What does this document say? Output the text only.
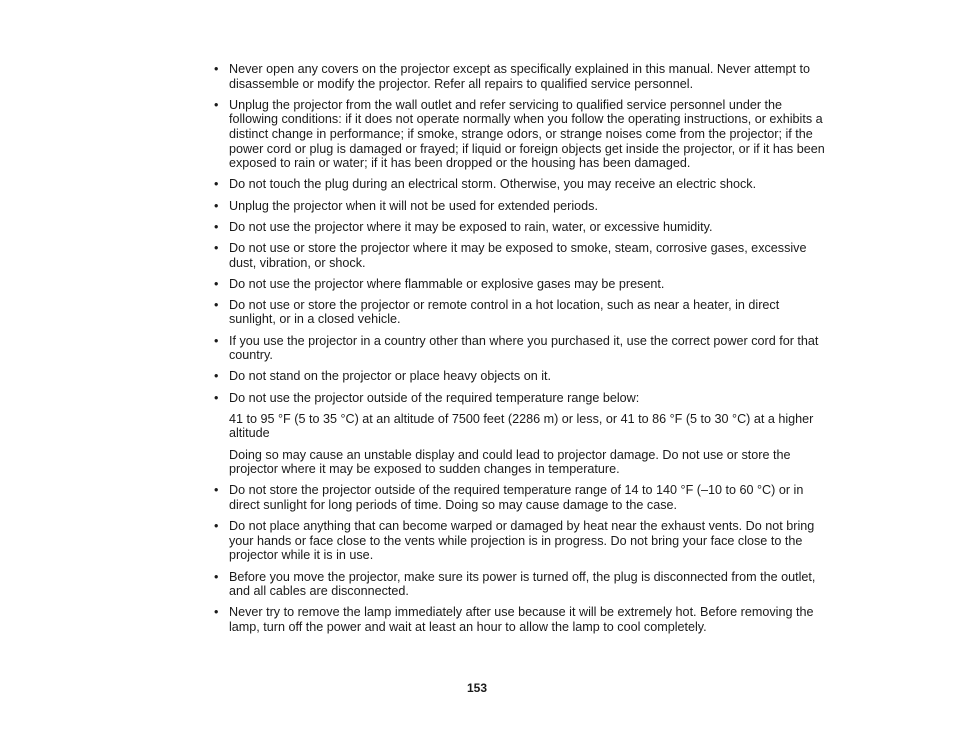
• Never open any covers on the projector except as specifically explained in this manual. Never attempt to disassemble or modify the projector. Refer all repairs to qualified service personnel.
• Unplug the projector from the wall outlet and refer servicing to qualified service personnel under the following conditions: if it does not operate normally when you follow the operating instructions, or exhibits a distinct change in performance; if smoke, strange odors, or strange noises come from the projector; if the power cord or plug is damaged or frayed; if liquid or foreign objects get inside the projector, or if it has been exposed to rain or water; if it has been dropped or the housing has been damaged.
• Do not touch the plug during an electrical storm. Otherwise, you may receive an electric shock.
• Unplug the projector when it will not be used for extended periods.
• Do not use the projector where it may be exposed to rain, water, or excessive humidity.
• Do not use or store the projector where it may be exposed to smoke, steam, corrosive gases, excessive dust, vibration, or shock.
• Do not use the projector where flammable or explosive gases may be present.
• Do not use or store the projector or remote control in a hot location, such as near a heater, in direct sunlight, or in a closed vehicle.
• If you use the projector in a country other than where you purchased it, use the correct power cord for that country.
• Do not stand on the projector or place heavy objects on it.
• Do not use the projector outside of the required temperature range below:
41 to 95 °F (5 to 35 °C) at an altitude of 7500 feet (2286 m) or less, or 41 to 86 °F (5 to 30 °C) at a higher altitude
Doing so may cause an unstable display and could lead to projector damage. Do not use or store the projector where it may be exposed to sudden changes in temperature.
• Do not store the projector outside of the required temperature range of 14 to 140 °F (–10 to 60 °C) or in direct sunlight for long periods of time. Doing so may cause damage to the case.
• Do not place anything that can become warped or damaged by heat near the exhaust vents. Do not bring your hands or face close to the vents while projection is in progress. Do not bring your face close to the projector while it is in use.
• Before you move the projector, make sure its power is turned off, the plug is disconnected from the outlet, and all cables are disconnected.
• Never try to remove the lamp immediately after use because it will be extremely hot. Before removing the lamp, turn off the power and wait at least an hour to allow the lamp to cool completely.
153
